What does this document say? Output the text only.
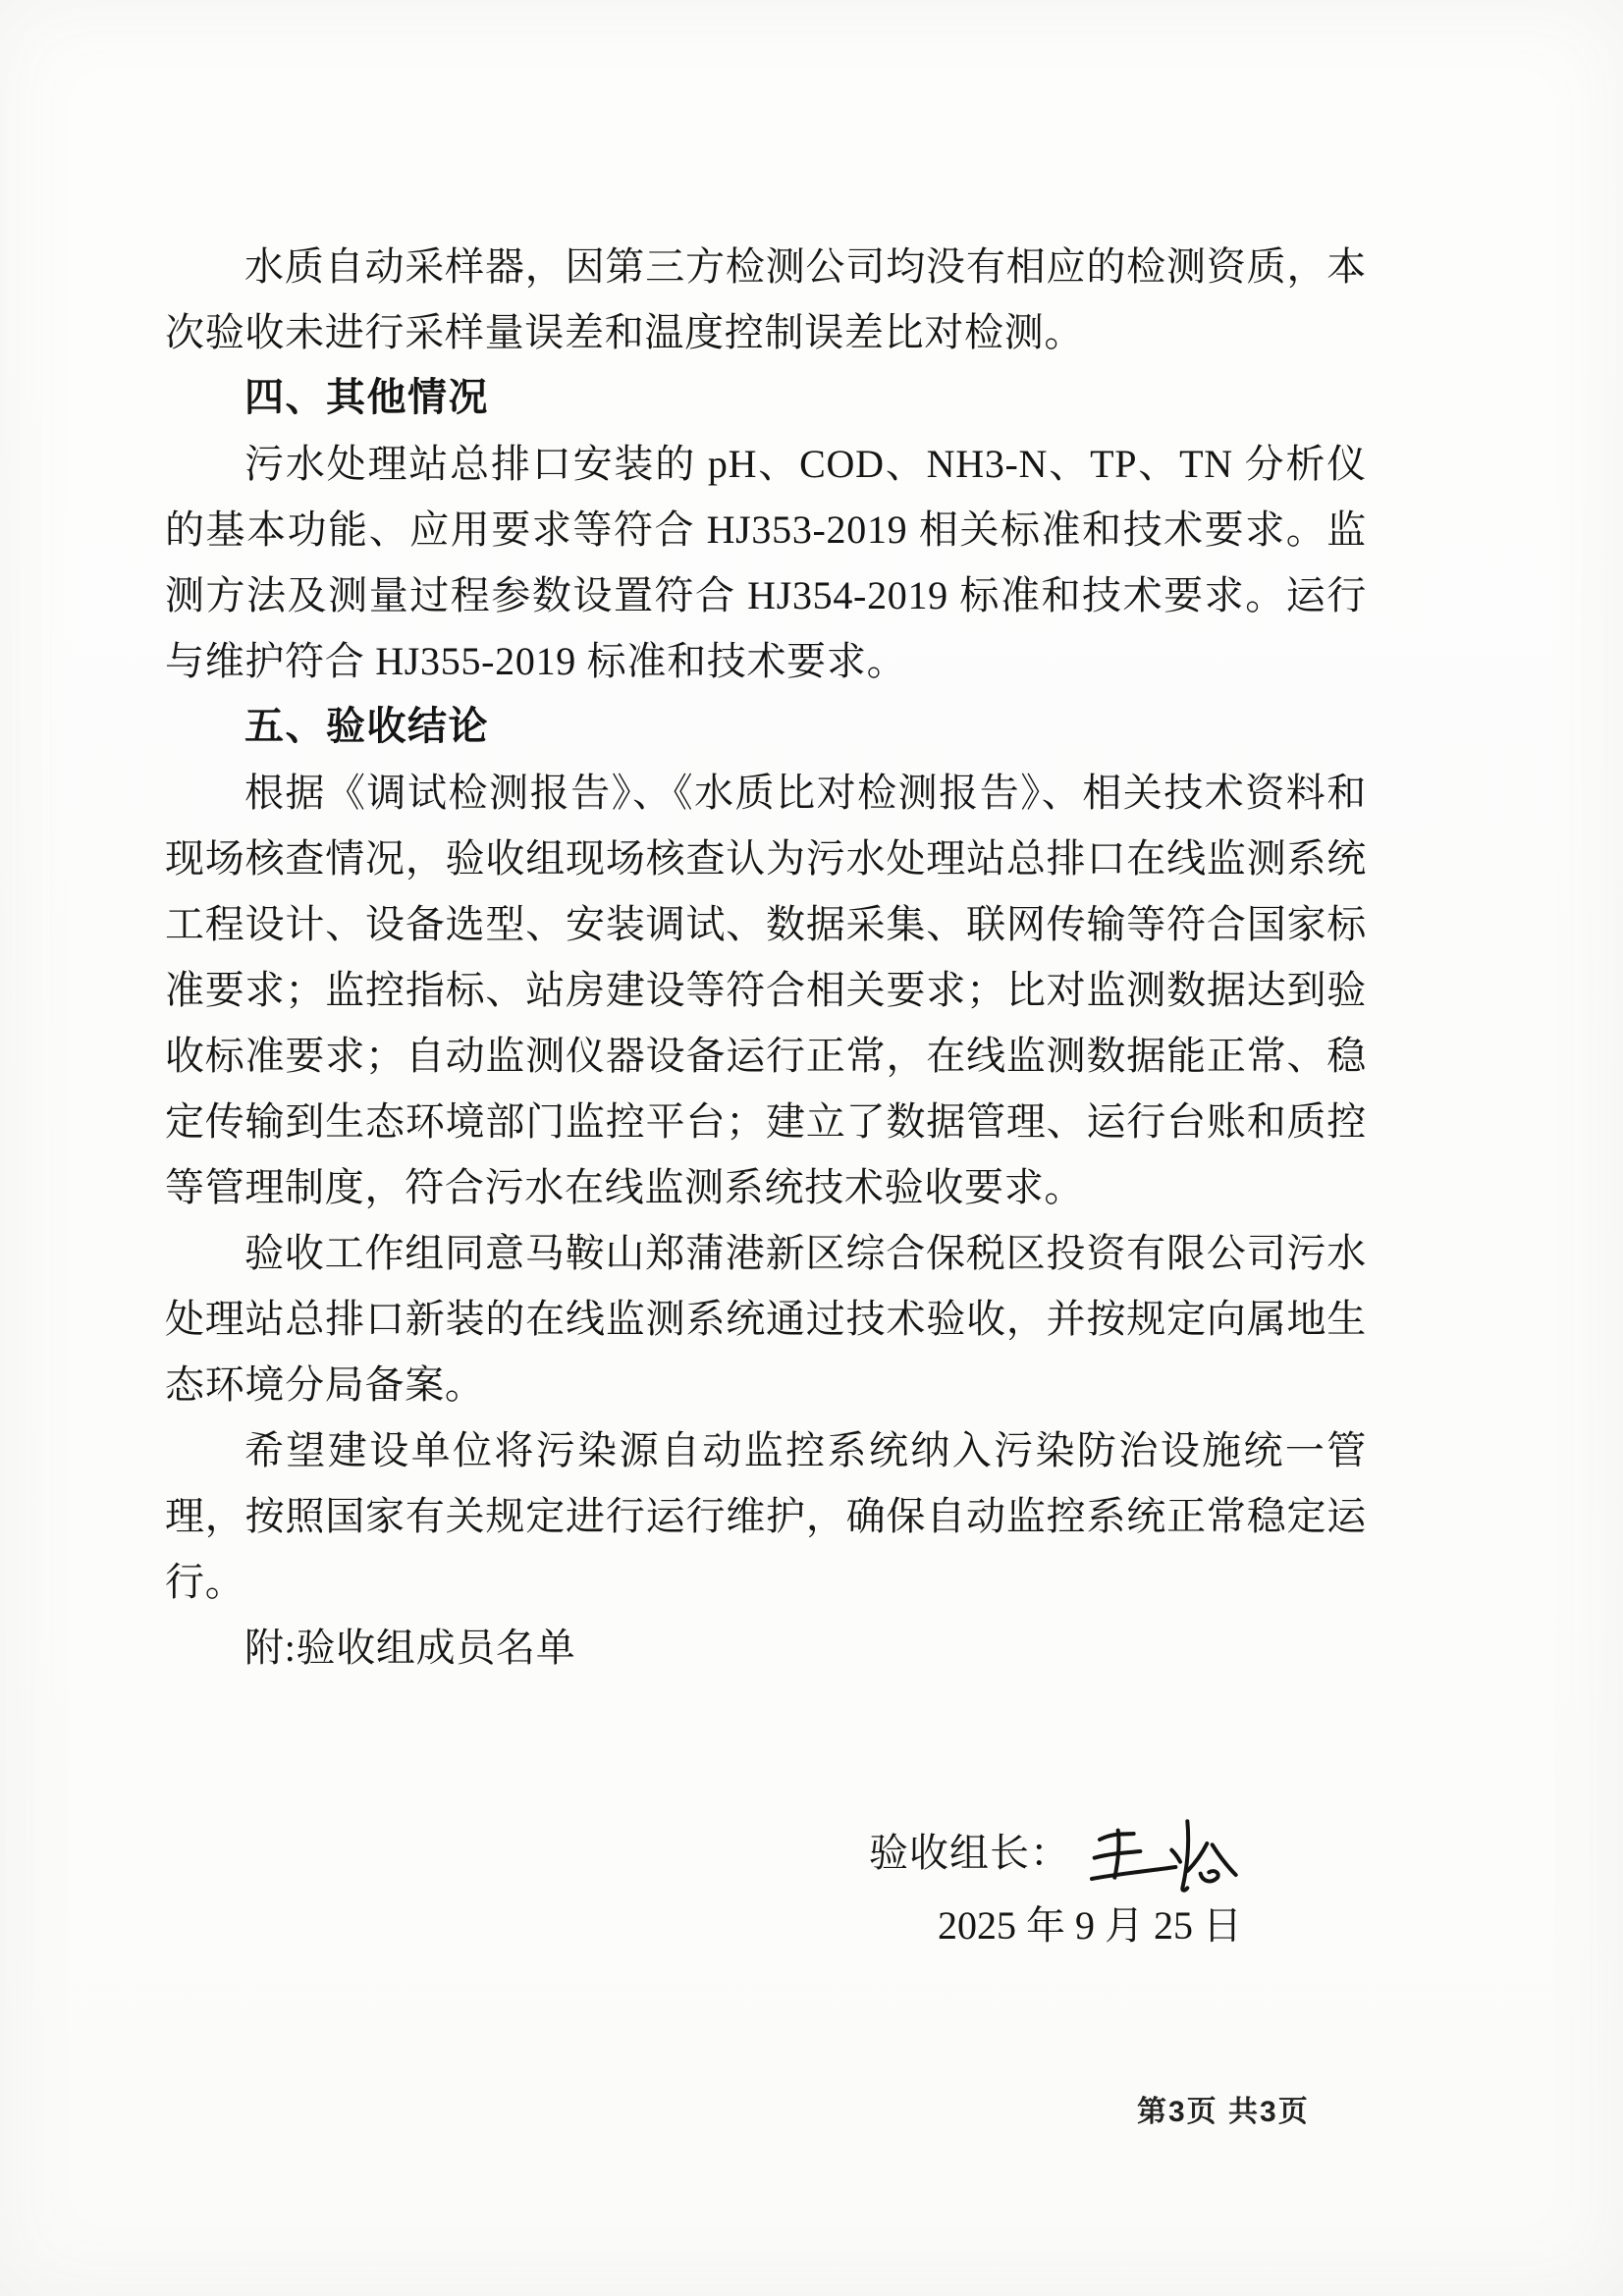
水质自动采样器，因第三方检测公司均没有相应的检测资质，本次验收未进行采样量误差和温度控制误差比对检测。

四、其他情况

污水处理站总排口安装的 pH、COD、NH3-N、TP、TN 分析仪的基本功能、应用要求等符合 HJ353-2019 相关标准和技术要求。监测方法及测量过程参数设置符合 HJ354-2019 标准和技术要求。运行与维护符合 HJ355-2019 标准和技术要求。

五、验收结论

根据《调试检测报告》、《水质比对检测报告》、相关技术资料和现场核查情况，验收组现场核查认为污水处理站总排口在线监测系统工程设计、设备选型、安装调试、数据采集、联网传输等符合国家标准要求；监控指标、站房建设等符合相关要求；比对监测数据达到验收标准要求；自动监测仪器设备运行正常，在线监测数据能正常、稳定传输到生态环境部门监控平台；建立了数据管理、运行台账和质控等管理制度，符合污水在线监测系统技术验收要求。

验收工作组同意马鞍山郑蒲港新区综合保税区投资有限公司污水处理站总排口新装的在线监测系统通过技术验收，并按规定向属地生态环境分局备案。

希望建设单位将污染源自动监控系统纳入污染防治设施统一管理，按照国家有关规定进行运行维护，确保自动监控系统正常稳定运行。

附:验收组成员名单

验收组长：
2025 年 9 月 25 日
第3页 共3页
